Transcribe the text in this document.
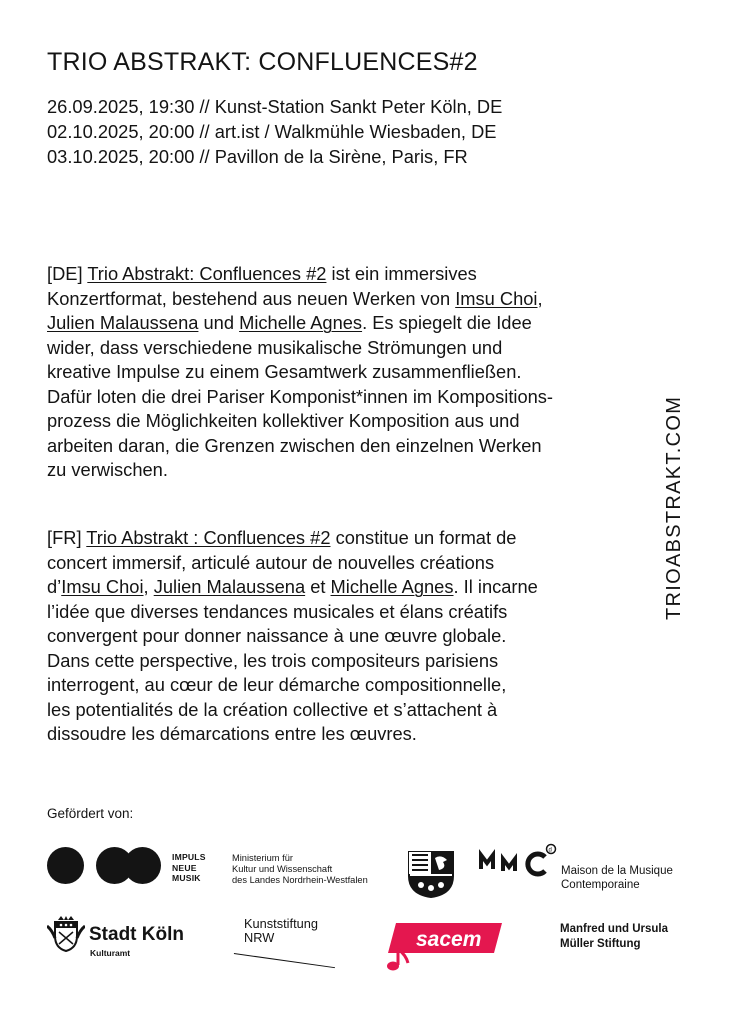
TRIO ABSTRAKT: CONFLUENCES#2
26.09.2025, 19:30 // Kunst-Station Sankt Peter Köln, DE
02.10.2025, 20:00 // art.ist / Walkmühle Wiesbaden, DE
03.10.2025, 20:00 // Pavillon de la Sirène, Paris, FR
[DE] Trio Abstrakt: Confluences #2 ist ein immersives
Konzertformat, bestehend aus neuen Werken von Imsu Choi,
Julien Malaussena und Michelle Agnes. Es spiegelt die Idee
wider, dass verschiedene musikalische Strömungen und
kreative Impulse zu einem Gesamtwerk zusammenfließen.
Dafür loten die drei Pariser Komponist*innen im Kompositions-
prozess die Möglichkeiten kollektiver Komposition aus und
arbeiten daran, die Grenzen zwischen den einzelnen Werken
zu verwischen.
[FR] Trio Abstrakt : Confluences #2 constitue un format de
concert immersif, articulé autour de nouvelles créations
d’Imsu Choi, Julien Malaussena et Michelle Agnes. Il incarne
l’idée que diverses tendances musicales et élans créatifs
convergent pour donner naissance à une œuvre globale.
Dans cette perspective, les trois compositeurs parisiens
interrogent, au cœur de leur démarche compositionnelle,
les potentialités de la création collective et s’attachent à
dissoudre les démarcations entre les œuvres.
TRIOABSTRAKT.COM
Gefördert von:
IMPULS
NEUE
MUSIK
Ministerium für
Kultur und Wissenschaft
des Landes Nordrhein-Westfalen
d
Maison de la Musique
Contemporaine
Stadt Köln
Kulturamt
Kunststiftung
NRW	sacem	Manfred und Ursula
Müller Stiftung
